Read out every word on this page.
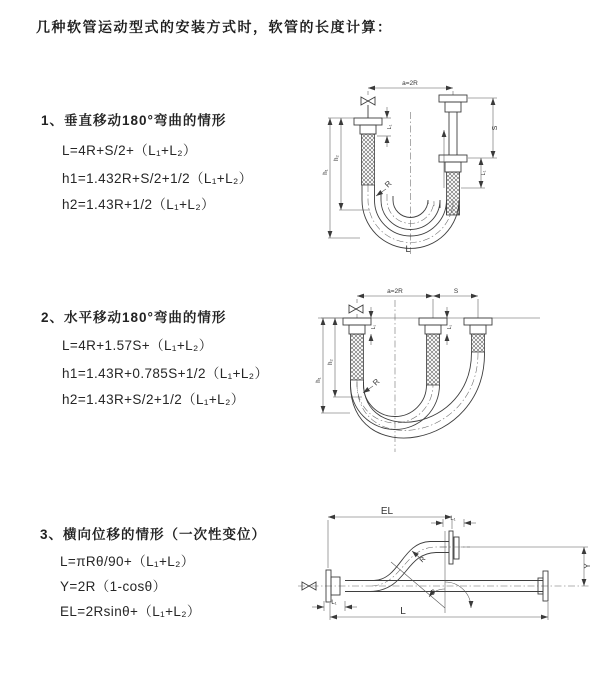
几种软管运动型式的安装方式时，软管的长度计算：
1、垂直移动180°弯曲的情形
L=4R+S/2+（L₁+L₂）
h1=1.432R+S/2+1/2（L₁+L₂）
h2=1.43R+1/2（L₁+L₂）
2、水平移动180°弯曲的情形
L=4R+1.57S+（L₁+L₂）
h1=1.43R+0.785S+1/2（L₁+L₂）
h2=1.43R+S/2+1/2（L₁+L₂）
3、横向位移的情形（一次性变位）
L=πRθ/90+（L₁+L₂）
Y=2R（1-cosθ）
EL=2Rsinθ+（L₁+L₂）
a=2R
R
L
h₁
h₂
L₁	S
L₁
a=2R	S
L₁	L₁
h₁
h₂
R
EL
L₁
L₁
L
Y
θ
R
